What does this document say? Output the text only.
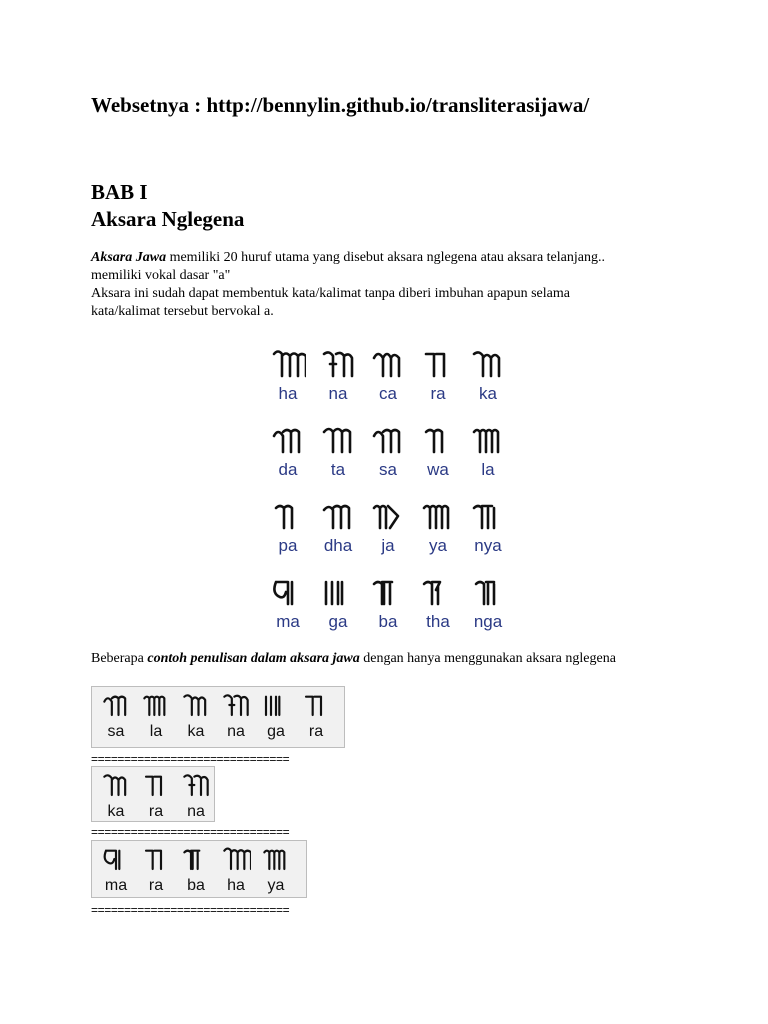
Websetnya : http://bennylin.github.io/transliterasijawa/
BAB I
Aksara Nglegena

Aksara Jawa memiliki 20 huruf utama yang disebut aksara nglegena atau aksara telanjang..

memiliki vokal dasar "a"

Aksara ini sudah dapat membentuk kata/kalimat tanpa diberi imbuhan apapun selama

kata/kalimat tersebut bervokal a.

ha	na	ca	ra	ka
da	ta	sa	wa	la
pa	dha	ja	ya	nya
ma	ga	ba	tha	nga
Beberapa contoh penulisan dalam aksara jawa dengan hanya menggunakan aksara nglegena
sa	la	ka	na	ga	ra
==============================
ka	ra	na
==============================
ma	ra	ba	ha	ya
==============================
